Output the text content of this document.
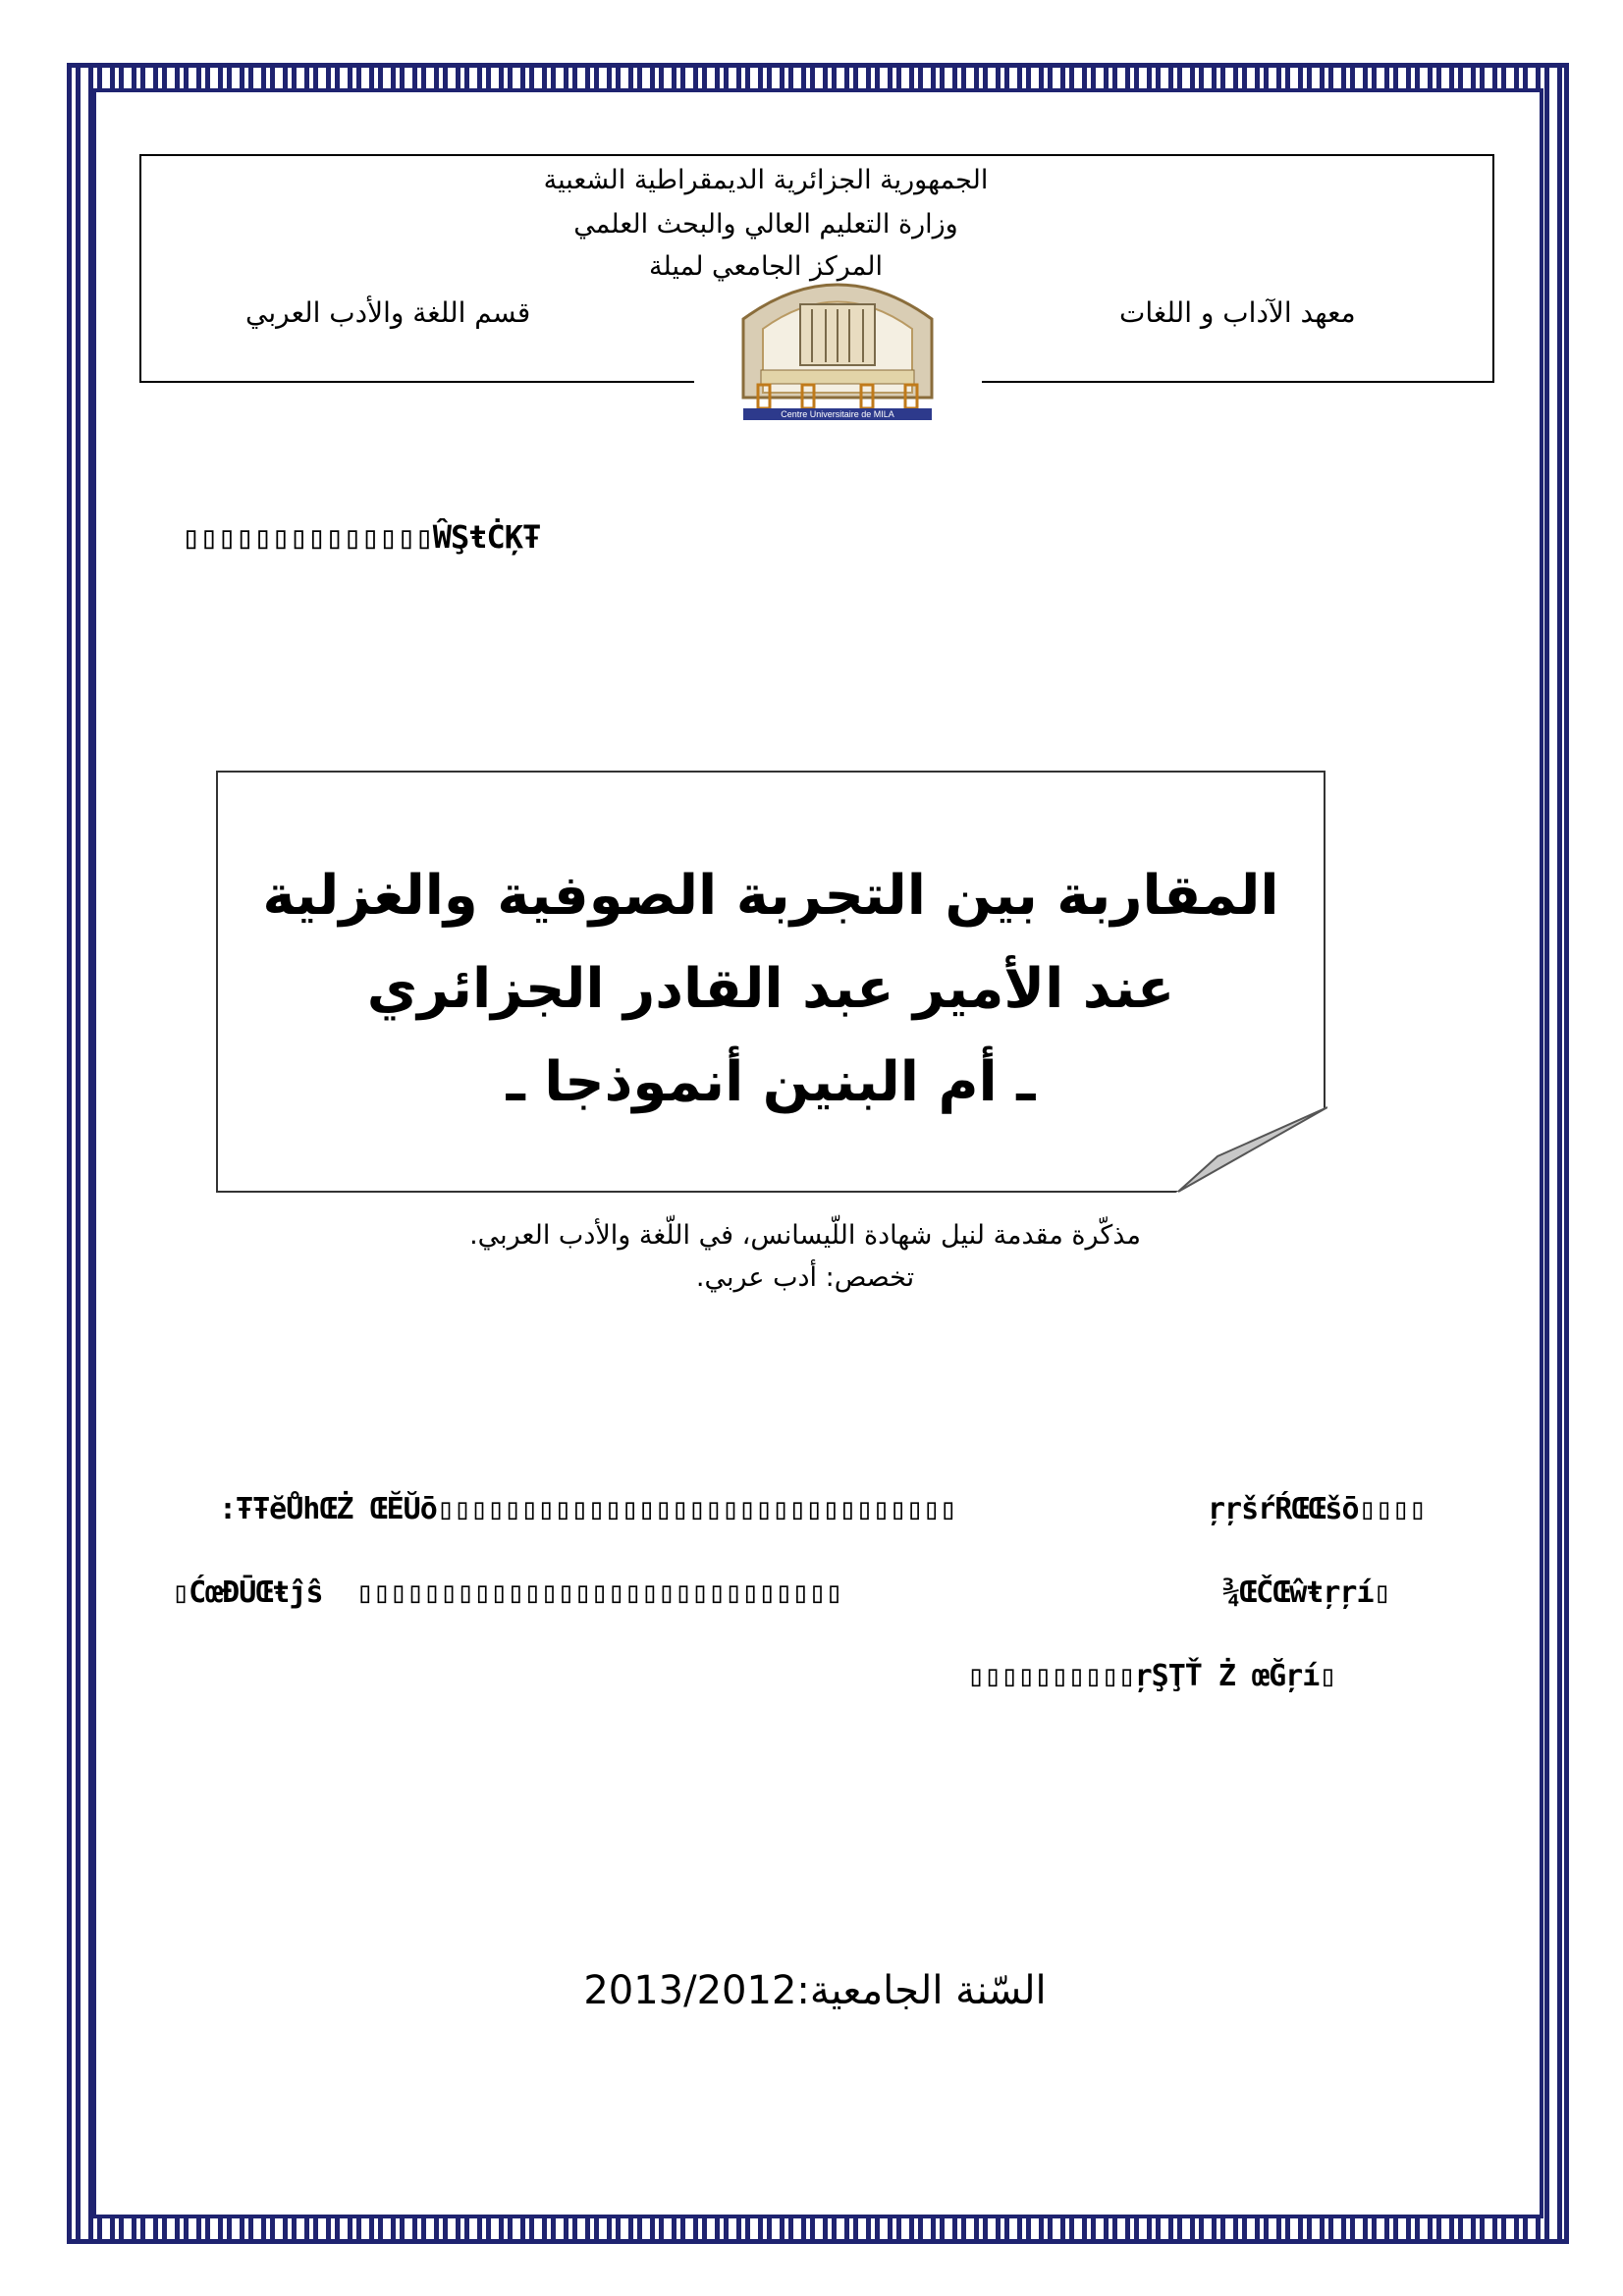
الجمهورية الجزائرية الديمقراطية الشعبية
وزارة التعليم العالي والبحث العلمي
المركز الجامعي لميلة
معهد الآداب و اللغات
قسم اللغة والأدب العربي
Centre Universitaire de MILA
▯▯▯▯▯▯▯▯▯▯▯▯▯▯ŴŞŧĊĶŦ
المقاربة بين التجربة الصوفية والغزلية
عند الأمير عبد القادر الجزائري
ـ أم البنين أنموذجا ـ
مذكّرة مقدمة لنيل شهادة اللّيسانس، في اللّغة والأدب العربي.
تخصص: أدب عربي.
:ŦŦĕŮhŒŻ ŒĔŬō▯▯▯▯▯▯▯▯▯▯▯▯▯▯▯▯▯▯▯▯▯▯▯▯▯▯▯▯▯▯▯	ŗŗšŕŔŒŒšō▯▯▯▯
▯ĆœĐŪŒŧĵŝ  ▯▯▯▯▯▯▯▯▯▯▯▯▯▯▯▯▯▯▯▯▯▯▯▯▯▯▯▯▯	¾ŒČŒŵŧŗŗí▯
▯▯▯▯▯▯▯▯▯▯ŗŞŢŤ Ż œĞŗí▯
السّنة الجامعية:2013/2012
